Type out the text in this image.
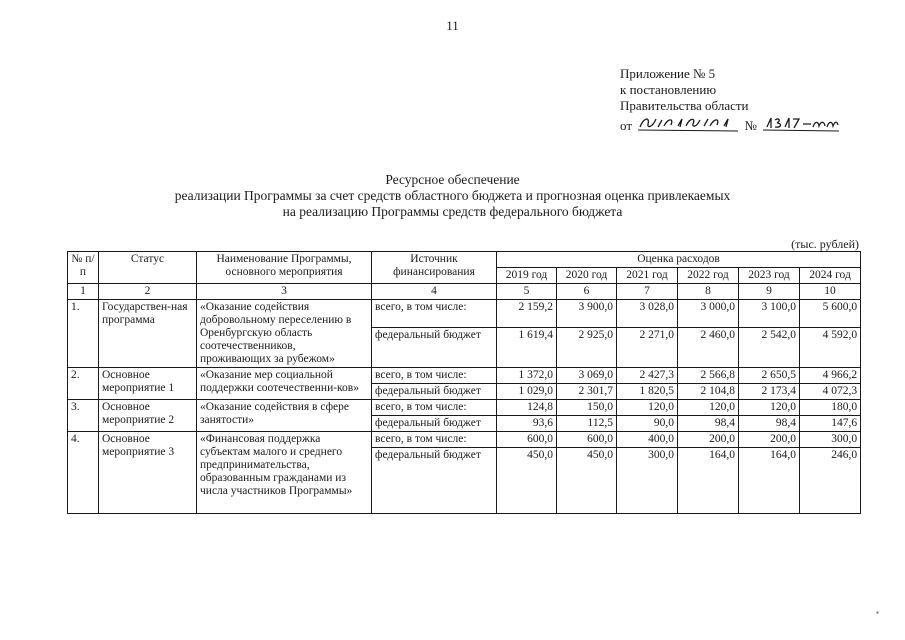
11
Приложение № 5
к постановлению
Правительства области
от	№
Ресурсное обеспечение
реализации Программы за счет средств областного бюджета и прогнозная оценка привлекаемых
на реализацию Программы средств федерального бюджета
(тыс. рублей)
№ п/п	Статус	Наименование Программы, основного мероприятия	Источник финансирования	Оценка расходов					
				2019 год	2020 год	2021 год	2022 год	2023 год	2024 год
1	2	3	4	5	6	7	8	9	10
1.	Государствен-ная программа	«Оказание содействия добровольному переселению в Оренбургскую область соотечественников, проживающих за рубежом»	всего, в том числе:	2 159,2	3 900,0	3 028,0	3 000,0	3 100,0	5 600,0
			федеральный бюджет	1 619,4	2 925,0	2 271,0	2 460,0	2 542,0	4 592,0
2.	Основное мероприятие 1	«Оказание мер социальной поддержки соотечественни-ков»	всего, в том числе:	1 372,0	3 069,0	2 427,3	2 566,8	2 650,5	4 966,2
			федеральный бюджет	1 029,0	2 301,7	1 820,5	2 104,8	2 173,4	4 072,3
3.	Основное мероприятие 2	«Оказание содействия в сфере занятости»	всего, в том числе:	124,8	150,0	120,0	120,0	120,0	180,0
			федеральный бюджет	93,6	112,5	90,0	98,4	98,4	147,6
4.	Основное мероприятие 3	«Финансовая поддержка субъектам малого и среднего предпринимательства, образованным гражданами из числа участников Программы»	всего, в том числе:	600,0	600,0	400,0	200,0	200,0	300,0
			федеральный бюджет	450,0	450,0	300,0	164,0	164,0	246,0
▪
